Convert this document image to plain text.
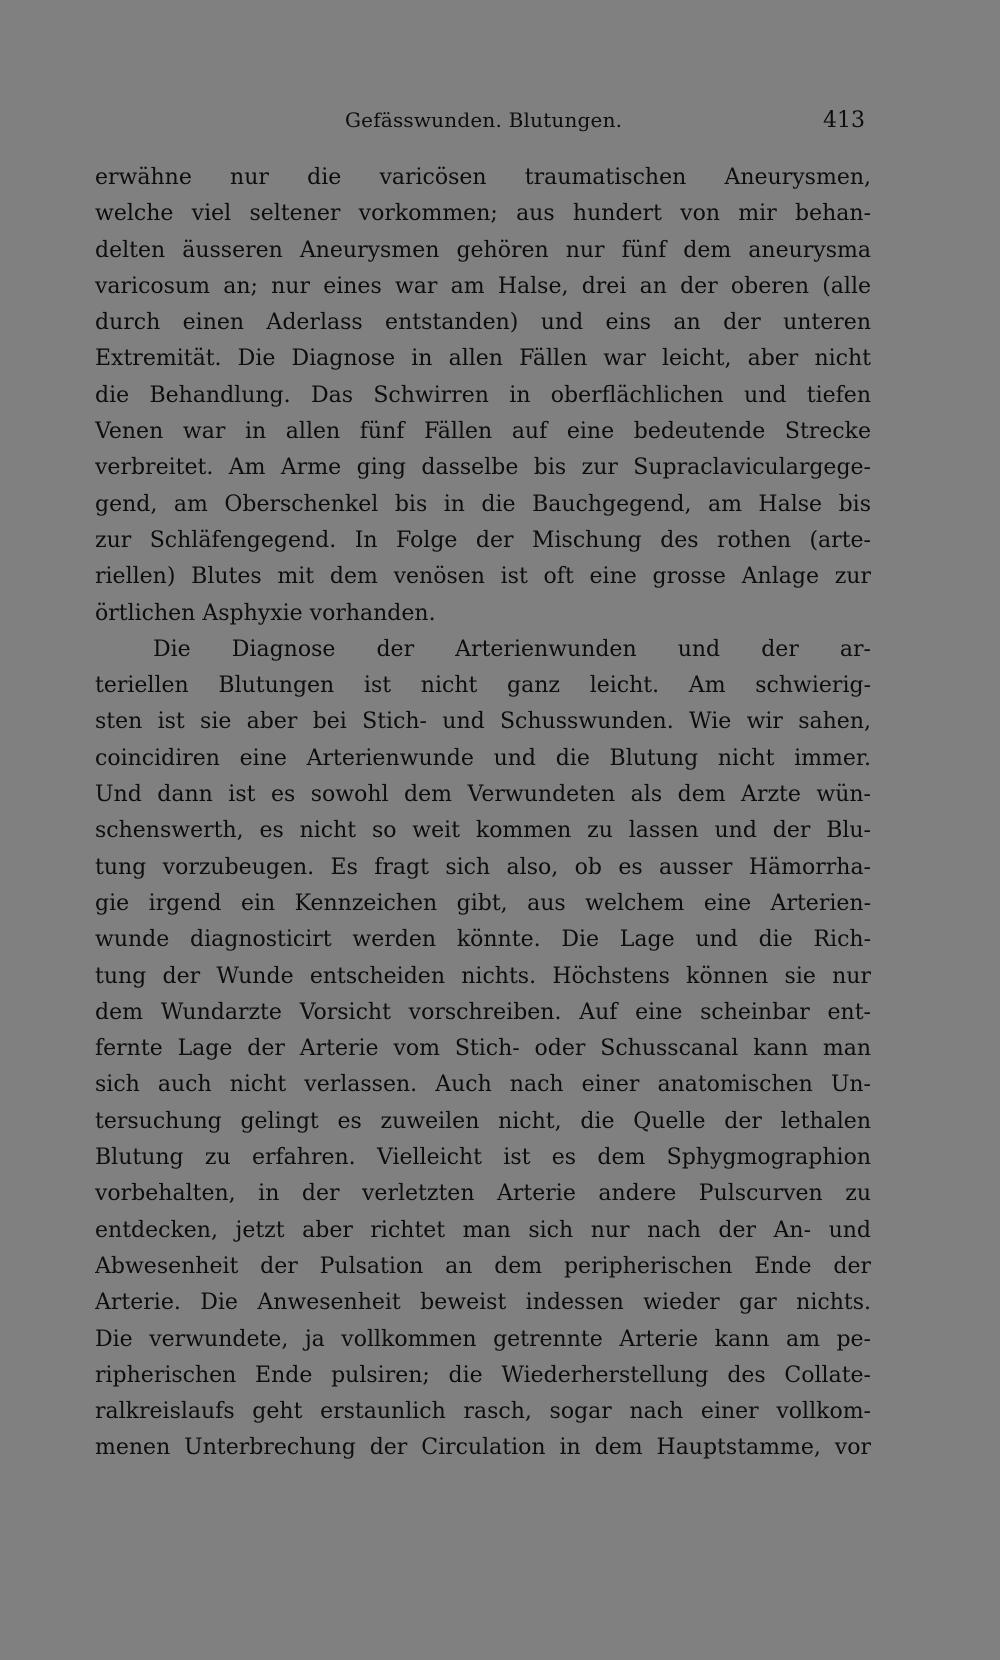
Gefässwunden. Blutungen.	413
erwähne nur die varicösen traumatischen Aneurysmen,
welche viel seltener vorkommen; aus hundert von mir behan-
delten äusseren Aneurysmen gehören nur fünf dem aneurysma
varicosum an; nur eines war am Halse, drei an der oberen (alle
durch einen Aderlass entstanden) und eins an der unteren
Extremität. Die Diagnose in allen Fällen war leicht, aber nicht
die Behandlung. Das Schwirren in oberflächlichen und tiefen
Venen war in allen fünf Fällen auf eine bedeutende Strecke
verbreitet. Am Arme ging dasselbe bis zur Supraclaviculargegе-
gend, am Oberschenkel bis in die Bauchgegend, am Halse bis
zur Schläfengegend. In Folge der Mischung des rothen (arte-
riellen) Blutes mit dem venösen ist oft eine grosse Anlage zur
örtlichen Asphyxie vorhanden.
Die Diagnose der Arterienwunden und der ar-
teriellen Blutungen ist nicht ganz leicht. Am schwierig-
sten ist sie aber bei Stich- und Schusswunden. Wie wir sahen,
coincidiren eine Arterienwunde und die Blutung nicht immer.
Und dann ist es sowohl dem Verwundeten als dem Arzte wün-
schenswerth, es nicht so weit kommen zu lassen und der Blu-
tung vorzubeugen. Es fragt sich also, ob es ausser Hämorrha-
gie irgend ein Kennzeichen gibt, aus welchem eine Arterien-
wunde diagnosticirt werden könnte. Die Lage und die Rich-
tung der Wunde entscheiden nichts. Höchstens können sie nur
dem Wundarzte Vorsicht vorschreiben. Auf eine scheinbar ent-
fernte Lage der Arterie vom Stich- oder Schusscanal kann man
sich auch nicht verlassen. Auch nach einer anatomischen Un-
tersuchung gelingt es zuweilen nicht, die Quelle der lethalen
Blutung zu erfahren. Vielleicht ist es dem Sphygmographion
vorbehalten, in der verletzten Arterie andere Pulscurven zu
entdecken, jetzt aber richtet man sich nur nach der An- und
Abwesenheit der Pulsation an dem peripherischen Ende der
Arterie. Die Anwesenheit beweist indessen wieder gar nichts.
Die verwundete, ja vollkommen getrennte Arterie kann am pe-
ripherischen Ende pulsiren; die Wiederherstellung des Collate-
ralkreislaufs geht erstaunlich rasch, sogar nach einer vollkom-
menen Unterbrechung der Circulation in dem Hauptstamme, vor
